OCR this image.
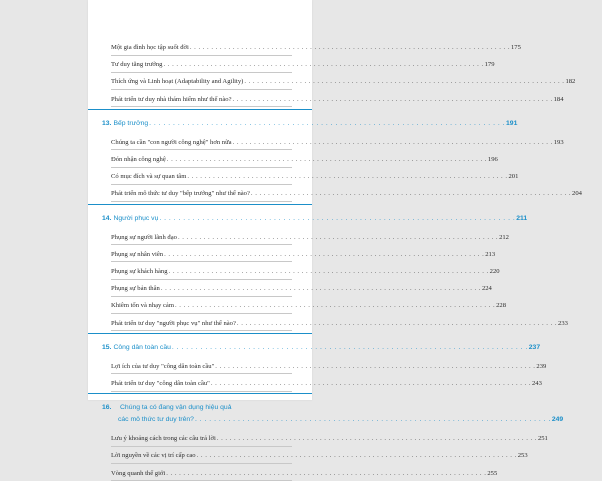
Một gia đình học tập suốt đời . . . . . . . . . . . . . . . . . . . . . . . . . . . . . . . . . . . . . . . . . . . . . . . . . . . . . . . . . . . . . . . . . . . . . . . . . . . 175
Tư duy tăng trưởng . . . . . . . . . . . . . . . . . . . . . . . . . . . . . . . . . . . . . . . . . . . . . . . . . . . . . . . . . . . . . . . . . . . . . . . . . . . 179
Thích ứng và Linh hoạt (Adaptability and Agility) . . . . . . . . . . . . . . . . . . . . . . . . . . . . . . . . . . . . . . . . . . . . . . . . . . . . . . . . . . . . . . . . . . . . . . . . . . . 182
Phát triển tư duy nhà thám hiểm như thế nào? . . . . . . . . . . . . . . . . . . . . . . . . . . . . . . . . . . . . . . . . . . . . . . . . . . . . . . . . . . . . . . . . . . . . . . . . . . . 184
13. Bếp trưởng . . . . . . . . . . . . . . . . . . . . . . . . . . . . . . . . . . . . . . . . . . . . . . . . . . . . . . . . . . . . . . . . . . . . . . . . . . . 191
Chúng ta cần "con người công nghệ" hơn nữa . . . . . . . . . . . . . . . . . . . . . . . . . . . . . . . . . . . . . . . . . . . . . . . . . . . . . . . . . . . . . . . . . . . . . . . . . . . 193
Đón nhận công nghệ . . . . . . . . . . . . . . . . . . . . . . . . . . . . . . . . . . . . . . . . . . . . . . . . . . . . . . . . . . . . . . . . . . . . . . . . . . . 196
Có mục đích và sự quan tâm . . . . . . . . . . . . . . . . . . . . . . . . . . . . . . . . . . . . . . . . . . . . . . . . . . . . . . . . . . . . . . . . . . . . . . . . . . . 201
Phát triển mô thức tư duy "bếp trưởng" như thế nào? . . . . . . . . . . . . . . . . . . . . . . . . . . . . . . . . . . . . . . . . . . . . . . . . . . . . . . . . . . . . . . . . . . . . . . . . . . . 204
14. Người phục vụ . . . . . . . . . . . . . . . . . . . . . . . . . . . . . . . . . . . . . . . . . . . . . . . . . . . . . . . . . . . . . . . . . . . . . . . . . . . 211
Phụng sự người lãnh đạo . . . . . . . . . . . . . . . . . . . . . . . . . . . . . . . . . . . . . . . . . . . . . . . . . . . . . . . . . . . . . . . . . . . . . . . . . . . 212
Phụng sự nhân viên . . . . . . . . . . . . . . . . . . . . . . . . . . . . . . . . . . . . . . . . . . . . . . . . . . . . . . . . . . . . . . . . . . . . . . . . . . . 213
Phụng sự khách hàng . . . . . . . . . . . . . . . . . . . . . . . . . . . . . . . . . . . . . . . . . . . . . . . . . . . . . . . . . . . . . . . . . . . . . . . . . . . 220
Phụng sự bản thân . . . . . . . . . . . . . . . . . . . . . . . . . . . . . . . . . . . . . . . . . . . . . . . . . . . . . . . . . . . . . . . . . . . . . . . . . . . 224
Khiêm tốn và nhạy cảm . . . . . . . . . . . . . . . . . . . . . . . . . . . . . . . . . . . . . . . . . . . . . . . . . . . . . . . . . . . . . . . . . . . . . . . . . . . 228
Phát triển tư duy "người phục vụ" như thế nào? . . . . . . . . . . . . . . . . . . . . . . . . . . . . . . . . . . . . . . . . . . . . . . . . . . . . . . . . . . . . . . . . . . . . . . . . . . . 233
15. Công dân toàn cầu . . . . . . . . . . . . . . . . . . . . . . . . . . . . . . . . . . . . . . . . . . . . . . . . . . . . . . . . . . . . . . . . . . . . . . . . . . . 237
Lợi ích của tư duy "công dân toàn cầu" . . . . . . . . . . . . . . . . . . . . . . . . . . . . . . . . . . . . . . . . . . . . . . . . . . . . . . . . . . . . . . . . . . . . . . . . . . . 239
Phát triển tư duy "công dân toàn cầu" . . . . . . . . . . . . . . . . . . . . . . . . . . . . . . . . . . . . . . . . . . . . . . . . . . . . . . . . . . . . . . . . . . . . . . . . . . . 243
16.	Chúng ta có đang vận dụng hiệu quả
các mô thức tư duy trên? . . . . . . . . . . . . . . . . . . . . . . . . . . . . . . . . . . . . . . . . . . . . . . . . . . . . . . . . . . . . . . . . . . . . . . . . . . . 249
Lưu ý khoảng cách trong các câu trả lời . . . . . . . . . . . . . . . . . . . . . . . . . . . . . . . . . . . . . . . . . . . . . . . . . . . . . . . . . . . . . . . . . . . . . . . . . . . 251
Lời nguyền về các vị trí cấp cao . . . . . . . . . . . . . . . . . . . . . . . . . . . . . . . . . . . . . . . . . . . . . . . . . . . . . . . . . . . . . . . . . . . . . . . . . . . 253
Vòng quanh thế giới . . . . . . . . . . . . . . . . . . . . . . . . . . . . . . . . . . . . . . . . . . . . . . . . . . . . . . . . . . . . . . . . . . . . . . . . . . . 255
